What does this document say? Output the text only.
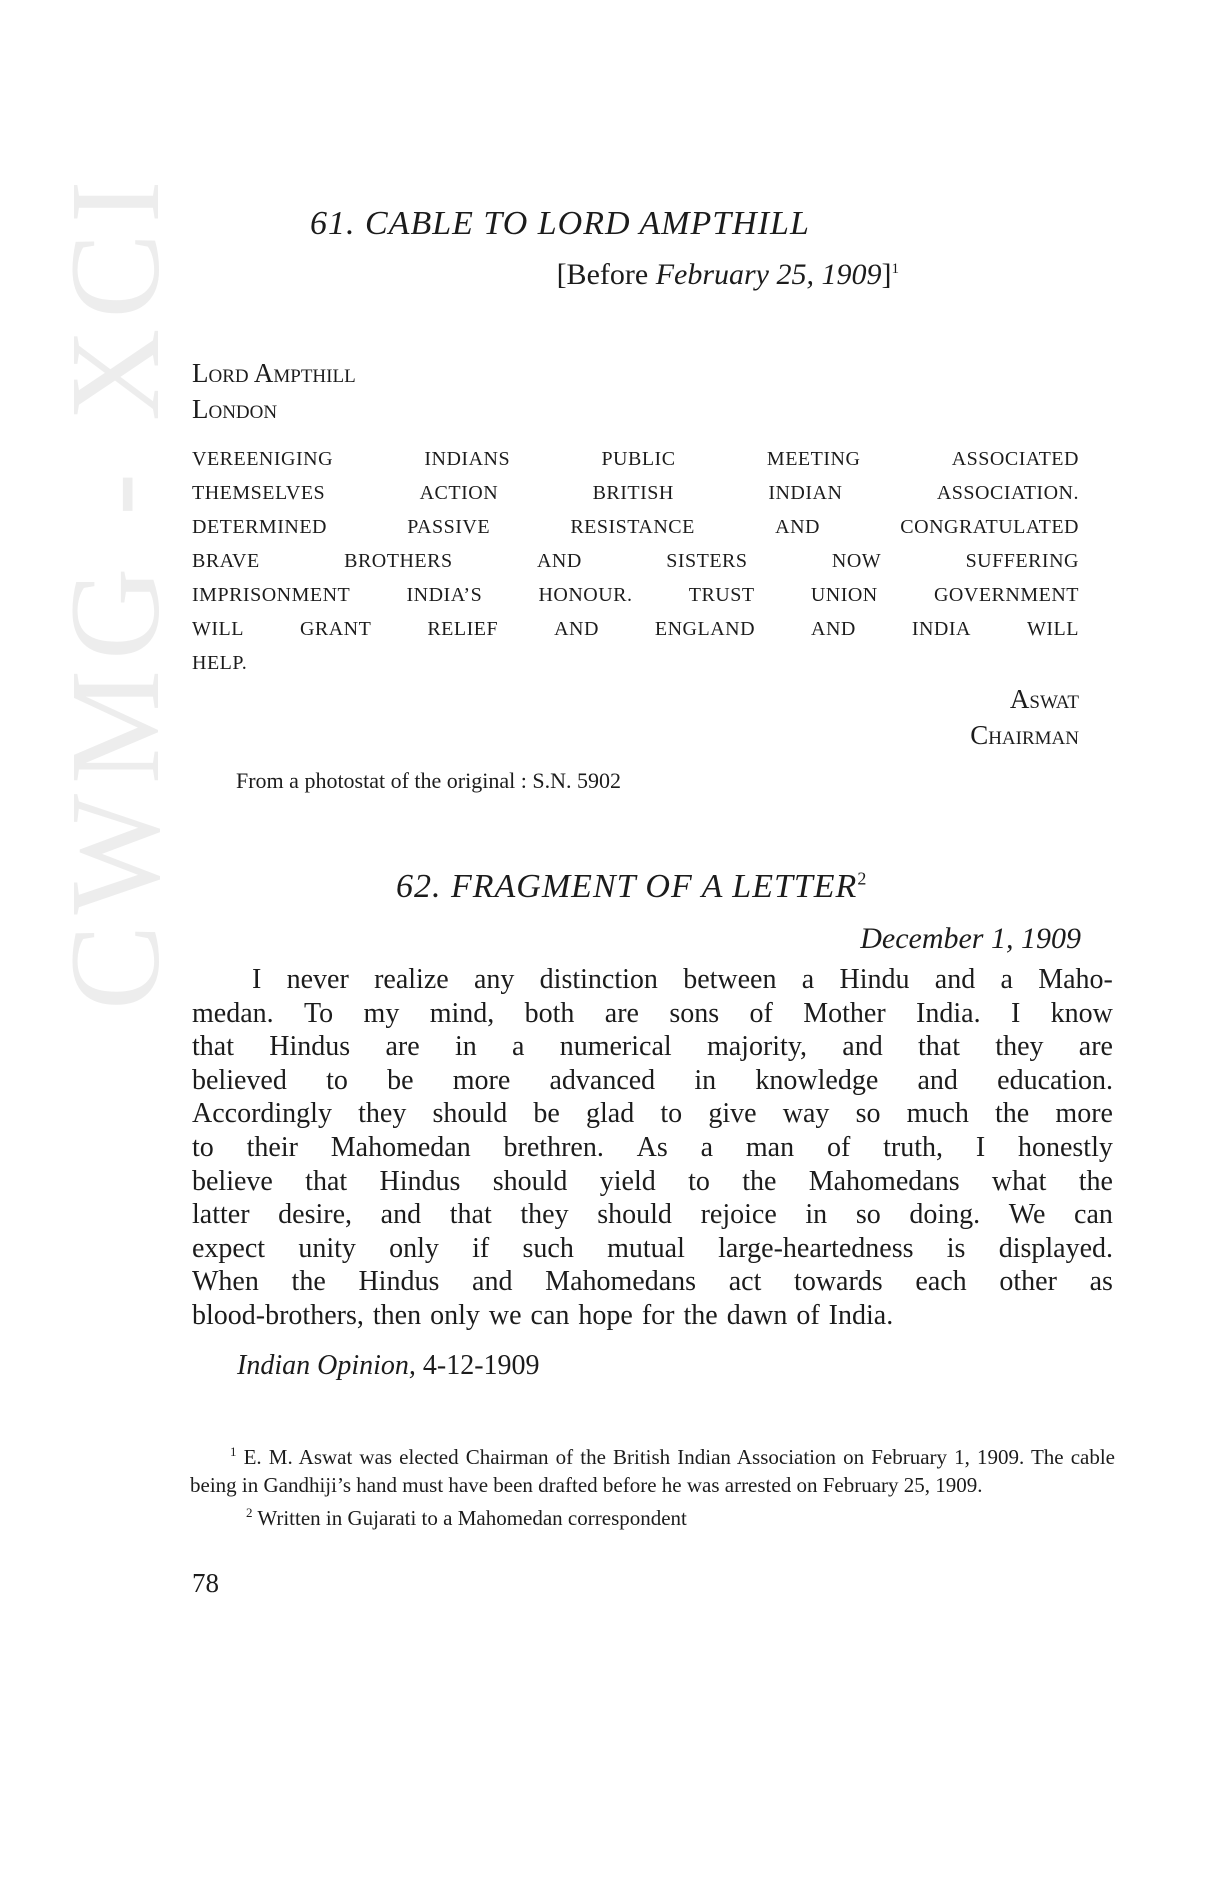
CWMG - XCI	61. CABLE TO LORD AMPTHILL
[Before February 25, 1909]$^1$
Lord Ampthill
London
VEREENIGING	INDIANS	PUBLIC	MEETING	ASSOCIATED
THEMSELVES	ACTION	BRITISH	INDIAN	ASSOCIATION.
DETERMINED	PASSIVE	RESISTANCE	AND	CONGRATULATED
BRAVE	BROTHERS	AND	SISTERS	NOW	SUFFERING
IMPRISONMENT	INDIA’S	HONOUR.	TRUST	UNION	GOVERNMENT
WILL	GRANT	RELIEF	AND	ENGLAND	AND	INDIA	WILL
HELP.
Aswat
Chairman
From a photostat of the original : S.N. 5902
62. FRAGMENT OF A LETTER$^2$
December 1, 1909
I never realize any distinction between a Hindu and a Maho-
medan. To my mind, both are sons of Mother India. I know
that Hindus are in a numerical majority, and that they are
believed to be more advanced in knowledge and education.
Accordingly they should be glad to give way so much the more
to their Mahomedan brethren. As a man of truth, I honestly
believe that Hindus should yield to the Mahomedans what the
latter desire, and that they should rejoice in so doing. We can
expect unity only if such mutual large-heartedness is displayed.
When the Hindus and Mahomedans act towards each other as
blood-brothers, then only we can hope for the dawn of India.
Indian Opinion, 4-12-1909

$^1$ E. M. Aswat was elected Chairman of the British Indian Association on February 1, 1909. The cable being in Gandhiji’s hand must have been drafted before he was arrested on February 25, 1909.

$^2$ Written in Gujarati to a Mahomedan correspondent

78
